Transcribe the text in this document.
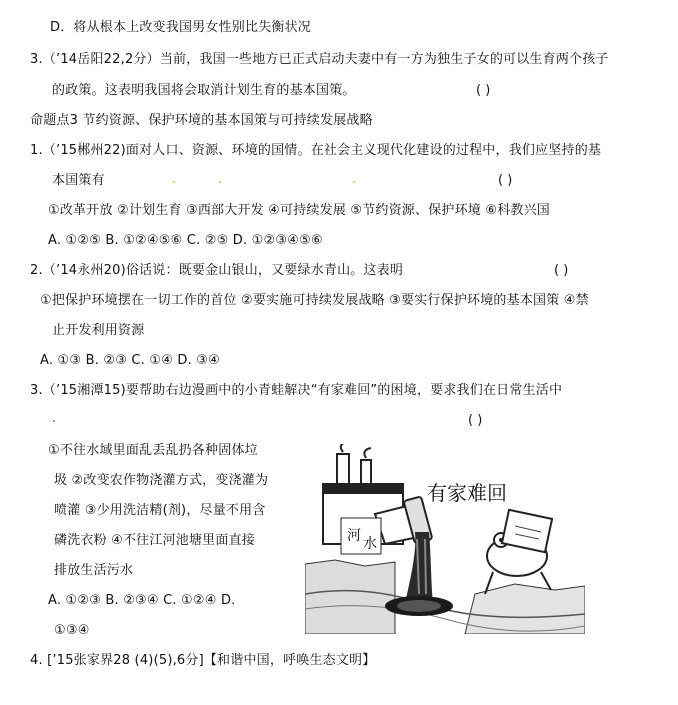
D．将从根本上改变我国男女性别比失衡状况
3.（’14岳阳22,2分）当前，我国一些地方已正式启动夫妻中有一方为独生子女的可以生育两个孩子
的政策。这表明我国将会取消计划生育的基本国策。	( )
命题点3 节约资源、保护环境的基本国策与可持续发展战略
1.（’15郴州22)面对人口、资源、环境的国情。在社会主义现代化建设的过程中，我们应坚持的基
本国策有	.	.	.	( )
①改革开放 ②计划生育 ③西部大开发 ④可持续发展 ⑤节约资源、保护环境 ⑥科教兴国
A. ①②⑤ B. ①②④⑤⑥ C. ②⑤ D. ①②③④⑤⑥
2.（’14永州20)俗话说：既要金山银山，又要绿水青山。这表明	( )
①把保护环境摆在一切工作的首位 ②要实施可持续发展战略 ③要实行保护环境的基本国策 ④禁
止开发利用资源
A. ①③ B. ②③ C. ①④ D. ③④
3.（’15湘潭15)要帮助右边漫画中的小青蛙解决“有家难回”的困境，要求我们在日常生活中
( )
.
①不往水域里面乱丢乱扔各种固体垃
圾 ②改变农作物浇灌方式，变浇灌为
喷灌 ③少用洗洁精(剂)，尽量不用含
磷洗衣粉 ④不往江河池塘里面直接
排放生活污水
A. ①②③ B. ②③④ C. ①②④ D.
①③④
4. [’15张家界28 (4)(5),6分]【和谐中国，呼唤生态文明】
河 水
有家难回
